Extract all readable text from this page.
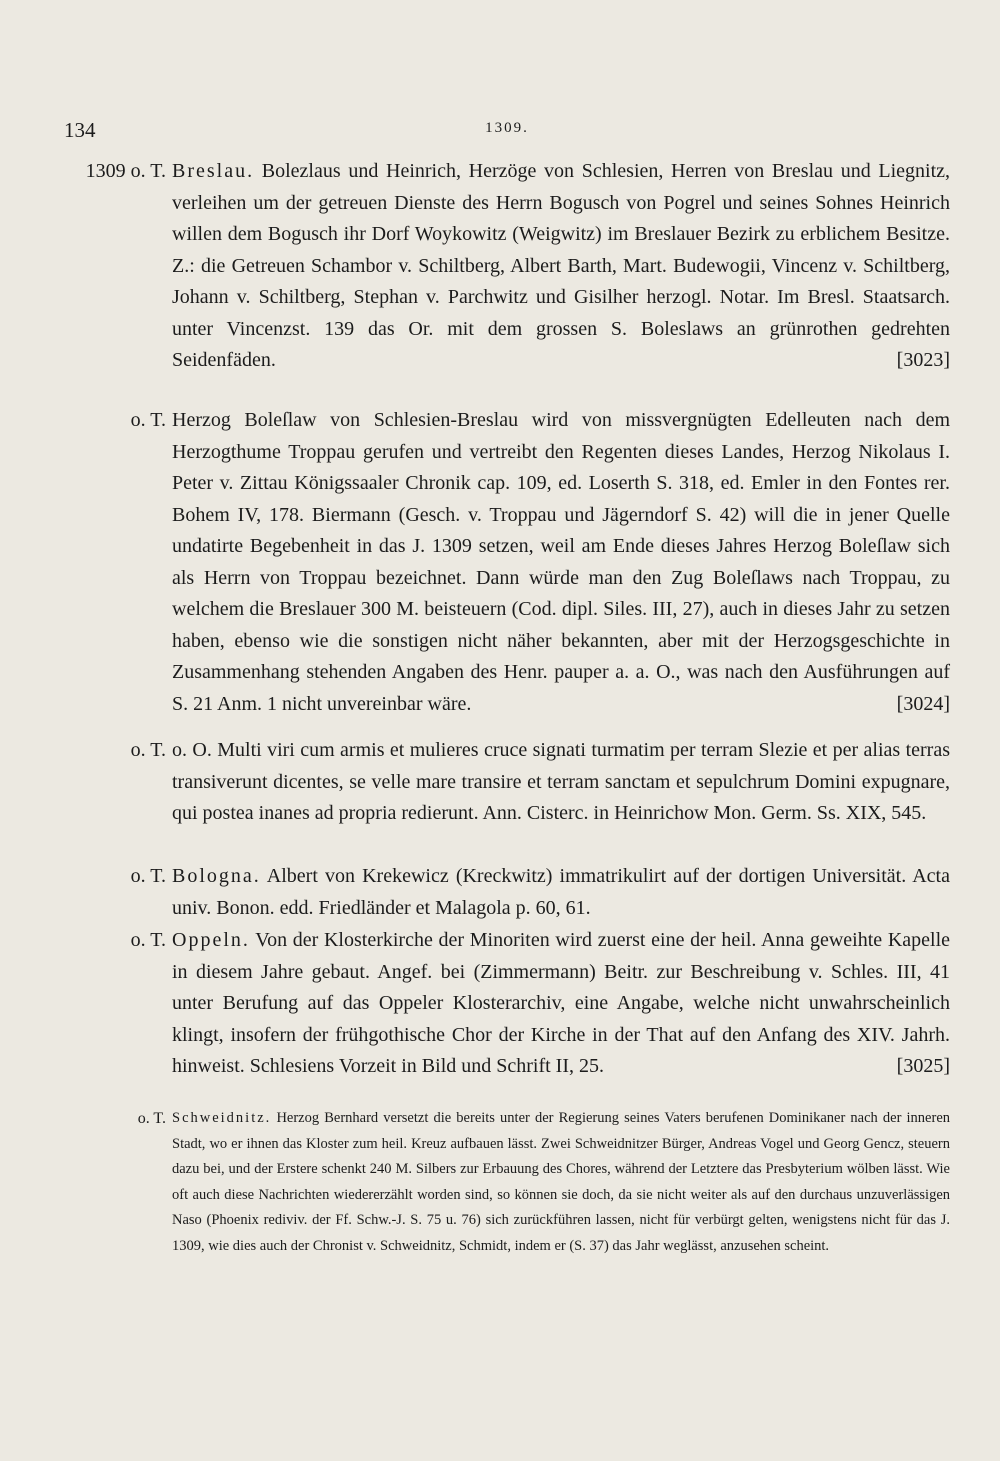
134	1309.
1309 o. T. Breslau. Bolezlaus und Heinrich, Herzöge von Schlesien, Herren von Breslau und Liegnitz, verleihen um der getreuen Dienste des Herrn Bogusch von Pogrel und seines Sohnes Heinrich willen dem Bogusch ihr Dorf Woykowitz (Weigwitz) im Breslauer Bezirk zu erblichem Besitze. Z.: die Getreuen Schambor v. Schiltberg, Albert Barth, Mart. Budewogii, Vincenz v. Schiltberg, Johann v. Schiltberg, Stephan v. Parchwitz und Gisilher herzogl. Notar. Im Bresl. Staatsarch. unter Vincenzst. 139 das Or. mit dem grossen S. Boleslaws an grünrothen gedrehten Seidenfäden.	[3023]
o. T. Herzog Boleſlaw von Schlesien-Breslau wird von missvergnügten Edelleuten nach dem Herzogthume Troppau gerufen und vertreibt den Regenten dieses Landes, Herzog Nikolaus I. Peter v. Zittau Königssaaler Chronik cap. 109, ed. Loserth S. 318, ed. Emler in den Fontes rer. Bohem IV, 178. Biermann (Gesch. v. Troppau und Jägerndorf S. 42) will die in jener Quelle undatirte Begebenheit in das J. 1309 setzen, weil am Ende dieses Jahres Herzog Boleſlaw sich als Herrn von Troppau bezeichnet. Dann würde man den Zug Boleſlaws nach Troppau, zu welchem die Breslauer 300 M. beisteuern (Cod. dipl. Siles. III, 27), auch in dieses Jahr zu setzen haben, ebenso wie die sonstigen nicht näher bekannten, aber mit der Herzogsgeschichte in Zusammenhang stehenden Angaben des Henr. pauper a. a. O., was nach den Ausführungen auf S. 21 Anm. 1 nicht unvereinbar wäre.	[3024]
o. T. o. O. Multi viri cum armis et mulieres cruce signati turmatim per terram Slezie et per alias terras transiverunt dicentes, se velle mare transire et terram sanctam et sepulchrum Domini expugnare, qui postea inanes ad propria redierunt. Ann. Cisterc. in Heinrichow Mon. Germ. Ss. XIX, 545.
o. T. Bologna. Albert von Krekewicz (Kreckwitz) immatrikulirt auf der dortigen Universität. Acta univ. Bonon. edd. Friedländer et Malagola p. 60, 61.
o. T. Oppeln. Von der Klosterkirche der Minoriten wird zuerst eine der heil. Anna geweihte Kapelle in diesem Jahre gebaut. Angef. bei (Zimmermann) Beitr. zur Beschreibung v. Schles. III, 41 unter Berufung auf das Oppeler Klosterarchiv, eine Angabe, welche nicht unwahrscheinlich klingt, insofern der frühgothische Chor der Kirche in der That auf den Anfang des XIV. Jahrh. hinweist. Schlesiens Vorzeit in Bild und Schrift II, 25.	[3025]
o. T. Schweidnitz. Herzog Bernhard versetzt die bereits unter der Regierung seines Vaters berufenen Dominikaner nach der inneren Stadt, wo er ihnen das Kloster zum heil. Kreuz aufbauen lässt. Zwei Schweidnitzer Bürger, Andreas Vogel und Georg Gencz, steuern dazu bei, und der Erstere schenkt 240 M. Silbers zur Erbauung des Chores, während der Letztere das Presbyterium wölben lässt. Wie oft auch diese Nachrichten wiedererzählt worden sind, so können sie doch, da sie nicht weiter als auf den durchaus unzuverlässigen Naso (Phoenix rediviv. der Ff. Schw.-J. S. 75 u. 76) sich zurückführen lassen, nicht für verbürgt gelten, wenigstens nicht für das J. 1309, wie dies auch der Chronist v. Schweidnitz, Schmidt, indem er (S. 37) das Jahr weglässt, anzusehen scheint.
